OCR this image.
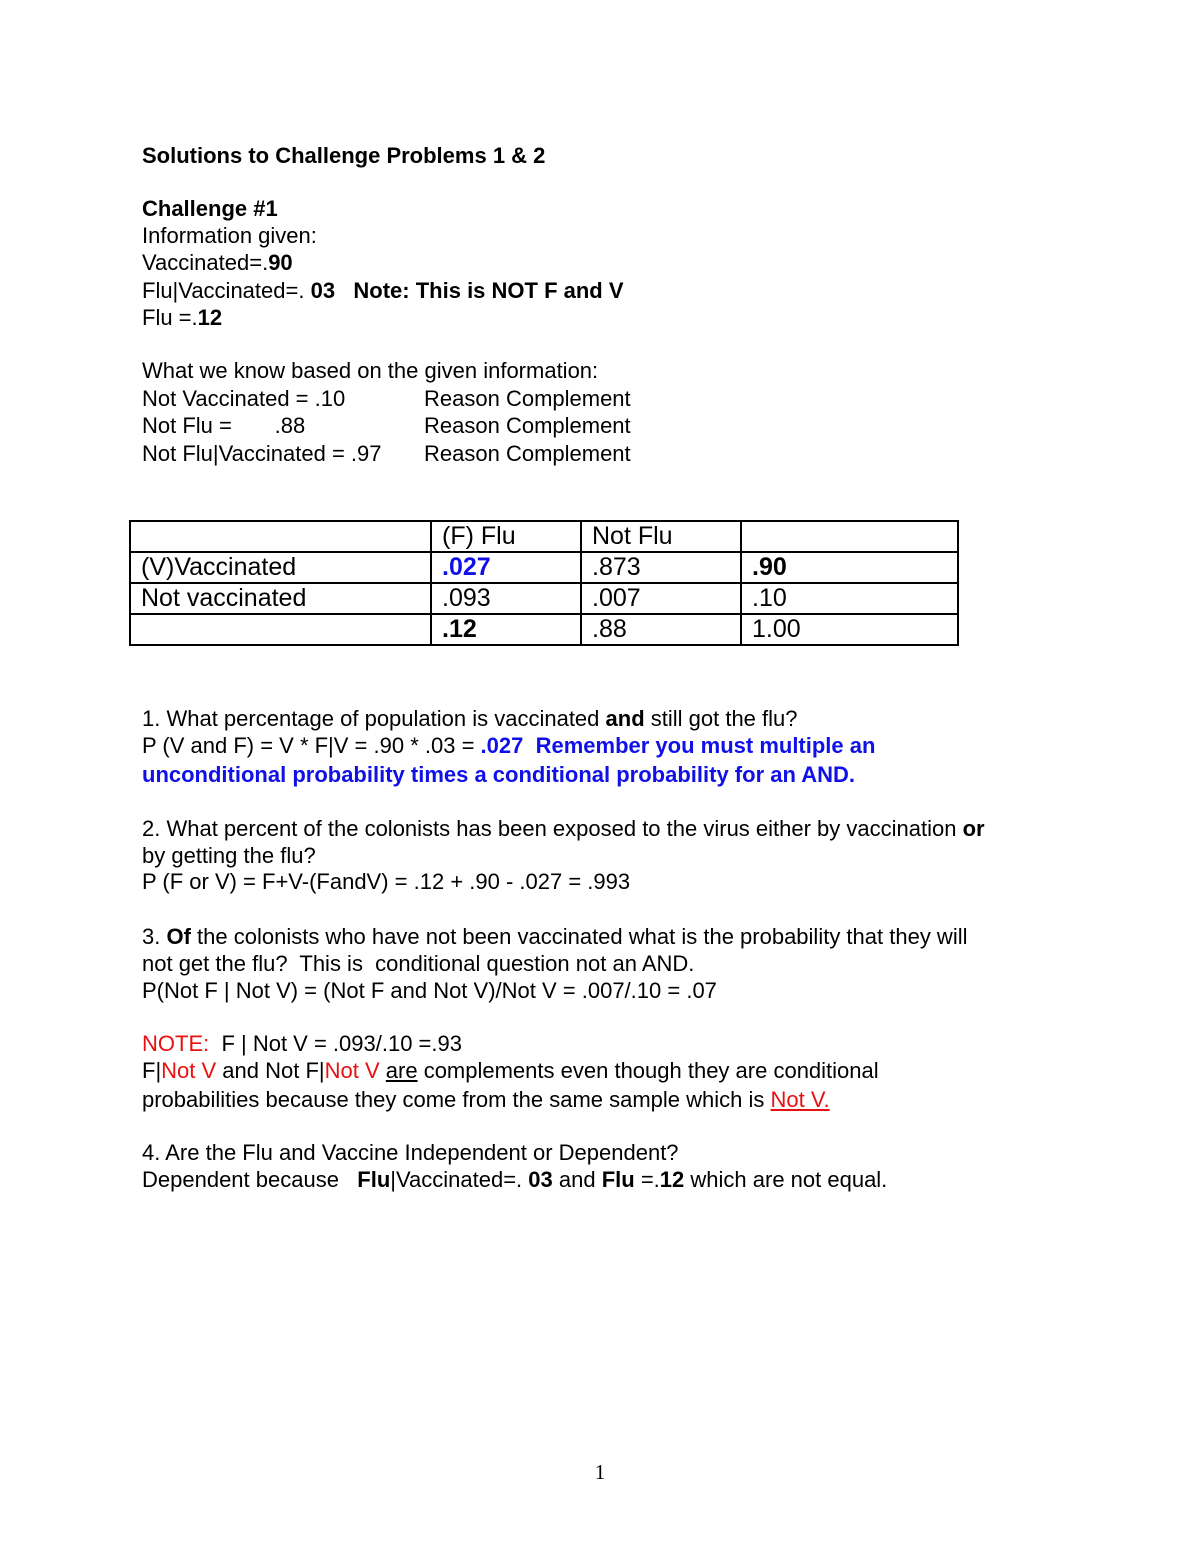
Solutions to Challenge Problems 1 & 2
Challenge #1
Information given:
Vaccinated=.90
Flu|Vaccinated=. 03 Note: This is NOT F and V
Flu =.12
What we know based on the given information:
Not Vaccinated = .10	Reason Complement
Not Flu =       .88	Reason Complement
Not Flu|Vaccinated = .97 Reason Complement
	(F) Flu	Not Flu	
(V)Vaccinated	.027	.873	.90
Not vaccinated	.093	.007	.10
	.12	.88	1.00
1. What percentage of population is vaccinated and still got the flu?
P (V and F) = V * F|V = .90 * .03 = .027  Remember you must multiple an
unconditional probability times a conditional probability for an AND.
2. What percent of the colonists has been exposed to the virus either by vaccination or
by getting the flu?
P (F or V) = F+V-(FandV) = .12 + .90 - .027 = .993
3. Of the colonists who have not been vaccinated what is the probability that they will
not get the flu?  This is  conditional question not an AND.
P(Not F | Not V) = (Not F and Not V)/Not V = .007/.10 = .07
NOTE:  F | Not V = .093/.10 =.93
F|Not V and Not F|Not V are complements even though they are conditional
probabilities because they come from the same sample which is Not V.
4. Are the Flu and Vaccine Independent or Dependent?
Dependent because   Flu|Vaccinated=. 03 and Flu =.12 which are not equal.
1
